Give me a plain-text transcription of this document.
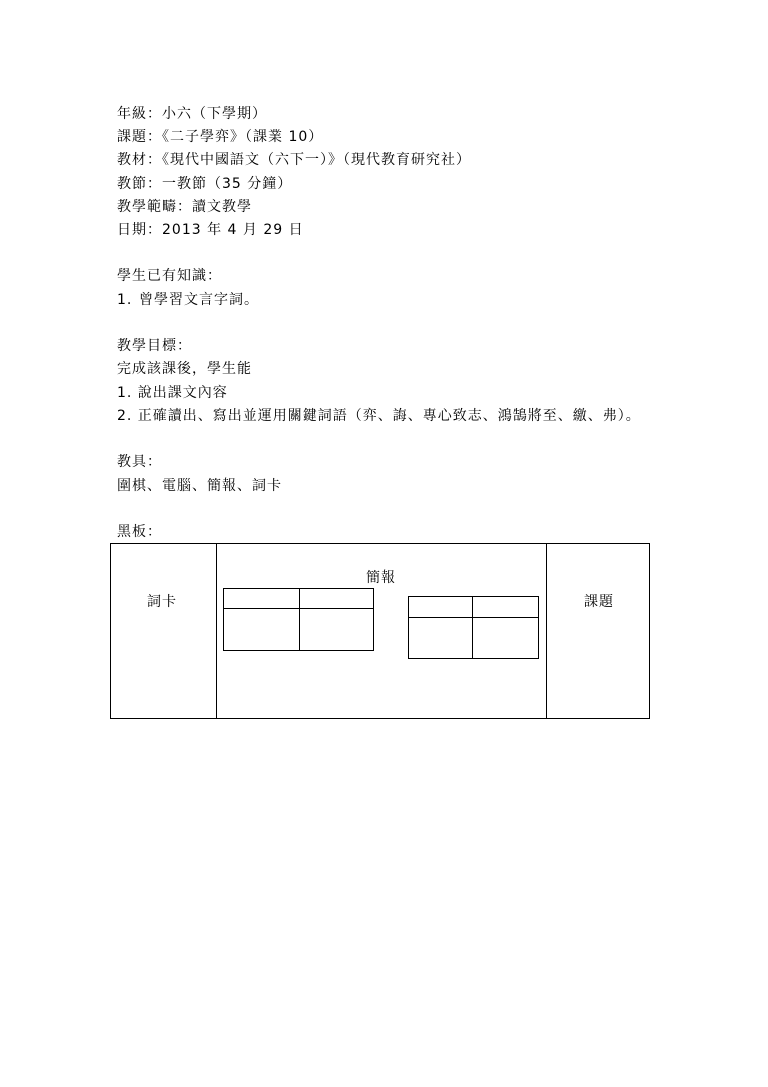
年級：小六（下學期）
課題：《二子學弈》（課業 10）
教材：《現代中國語文（六下一）》（現代教育研究社）
教節：一教節（35 分鐘）
教學範疇：讀文教學
日期：2013 年 4 月 29 日
學生已有知識：
1. 曾學習文言字詞。
教學目標：
完成該課後，學生能
1. 說出課文內容
2. 正確讀出、寫出並運用關鍵詞語（弈、誨、專心致志、鴻鵠將至、繳、弗）。
教具：
圍棋、電腦、簡報、詞卡
黑板：
詞卡
簡報
課題
